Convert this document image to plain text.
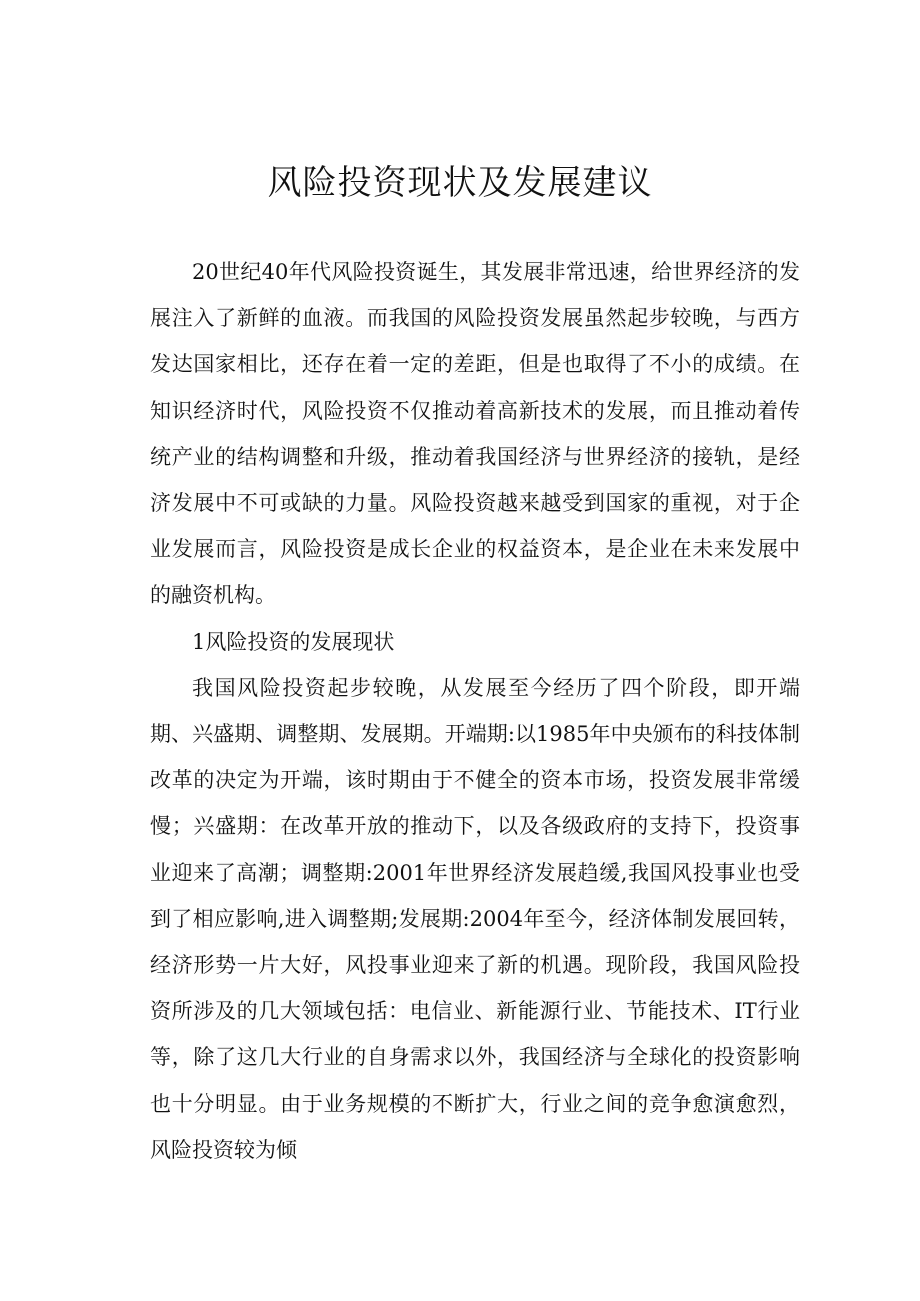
风险投资现状及发展建议

20世纪40年代风险投资诞生，其发展非常迅速，给世界经济的发展注入了新鲜的血液。而我国的风险投资发展虽然起步较晚，与西方发达国家相比，还存在着一定的差距，但是也取得了不小的成绩。在知识经济时代，风险投资不仅推动着高新技术的发展，而且推动着传统产业的结构调整和升级，推动着我国经济与世界经济的接轨，是经济发展中不可或缺的力量。风险投资越来越受到国家的重视，对于企业发展而言，风险投资是成长企业的权益资本，是企业在未来发展中的融资机构。

1风险投资的发展现状

我国风险投资起步较晚，从发展至今经历了四个阶段，即开端期、兴盛期、调整期、发展期。开端期:以1985年中央颁布的科技体制改革的决定为开端，该时期由于不健全的资本市场，投资发展非常缓慢；兴盛期：在改革开放的推动下，以及各级政府的支持下，投资事业迎来了高潮；调整期:2001年世界经济发展趋缓,我国风投事业也受到了相应影响,进入调整期;发展期:2004年至今，经济体制发展回转，经济形势一片大好，风投事业迎来了新的机遇。现阶段，我国风险投资所涉及的几大领域包括：电信业、新能源行业、节能技术、IT行业等，除了这几大行业的自身需求以外，我国经济与全球化的投资影响也十分明显。由于业务规模的不断扩大，行业之间的竞争愈演愈烈，风险投资较为倾
